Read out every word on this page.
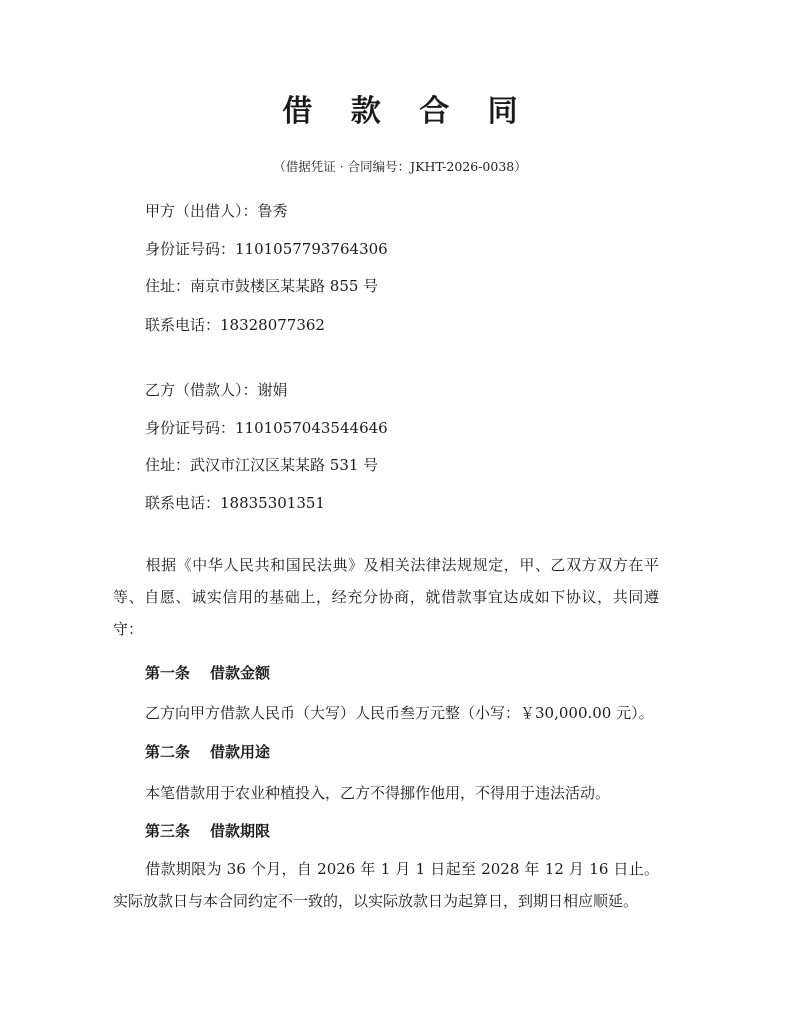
借 款 合 同
（借据凭证 · 合同编号：JKHT-2026-0038）
甲方（出借人）：鲁秀
身份证号码：1101057793764306
住址：南京市鼓楼区某某路 855 号
联系电话：18328077362
乙方（借款人）：谢娟
身份证号码：1101057043544646
住址：武汉市江汉区某某路 531 号
联系电话：18835301351
根据《中华人民共和国民法典》及相关法律法规规定，甲、乙双方双方在平等、自愿、诚实信用的基础上，经充分协商，就借款事宜达成如下协议，共同遵守：
第一条 借款金额
乙方向甲方借款人民币（大写）人民币叁万元整（小写：￥30,000.00 元）。
第二条 借款用途
本笔借款用于农业种植投入，乙方不得挪作他用，不得用于违法活动。
第三条 借款期限
借款期限为 36 个月，自 2026 年 1 月 1 日起至 2028 年 12 月 16 日止。实际放款日与本合同约定不一致的，以实际放款日为起算日，到期日相应顺延。
